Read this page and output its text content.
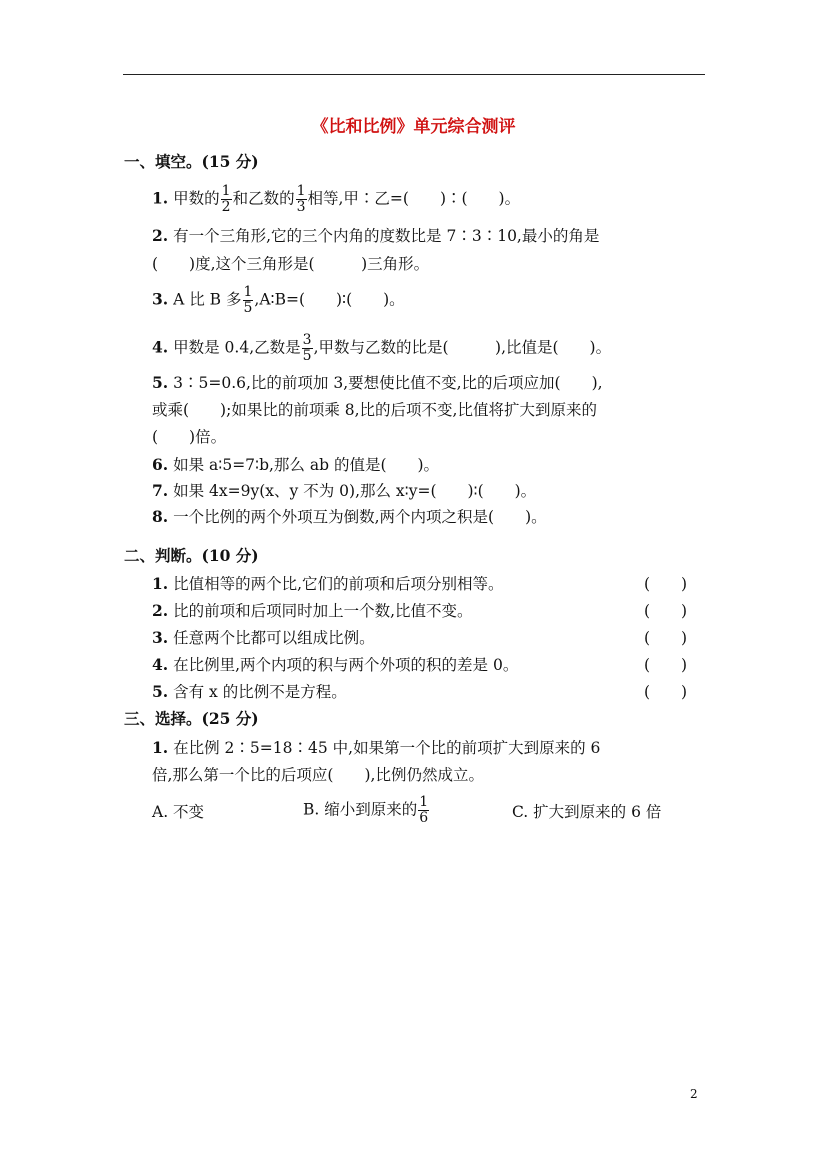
《比和比例》单元综合测评
一、填空。(15 分)
1. 甲数的 $\frac{1}{2}$ 和乙数的 $\frac{1}{3}$ 相等,甲∶乙=(　　)∶(　　)。
2. 有一个三角形,它的三个内角的度数比是 7∶3∶10,最小的角是
(　　)度,这个三角形是(　　　)三角形。
3. A 比 B 多 $\frac{1}{5}$ ,A∶B=(　　)∶(　　)。
4. 甲数是 0.4,乙数是 $\frac{3}{5}$ ,甲数与乙数的比是(　　　),比值是(　　)。
5. 3∶5=0.6,比的前项加 3,要想使比值不变,比的后项应加(　　),
或乘(　　);如果比的前项乘 8,比的后项不变,比值将扩大到原来的
(　　)倍。
6. 如果 a∶5=7∶b,那么 ab 的值是(　　)。
7. 如果 4x=9y(x、y 不为 0),那么 x∶y=(　　)∶(　　)。
8. 一个比例的两个外项互为倒数,两个内项之积是(　　)。
二、判断。(10 分)
1. 比值相等的两个比,它们的前项和后项分别相等。	(　　)
2. 比的前项和后项同时加上一个数,比值不变。	(　　)
3. 任意两个比都可以组成比例。	(　　)
4. 在比例里,两个内项的积与两个外项的积的差是 0。	(　　)
5. 含有 x 的比例不是方程。	(　　)
三、选择。(25 分)
1. 在比例 2∶5=18∶45 中,如果第一个比的前项扩大到原来的 6
倍,那么第一个比的后项应(　　),比例仍然成立。
A. 不变	B. 缩小到原来的 $\frac{1}{6}$	C. 扩大到原来的 6 倍
2
